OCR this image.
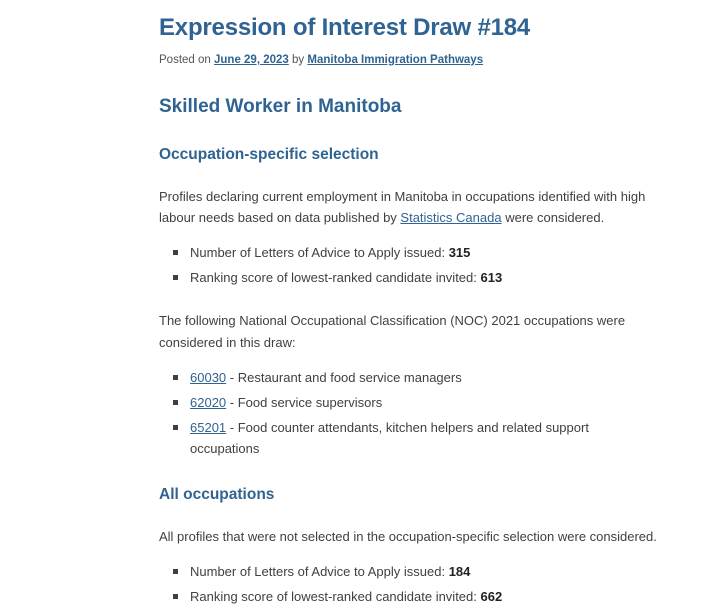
Expression of Interest Draw #184

Posted on June 29, 2023 by Manitoba Immigration Pathways

Skilled Worker in Manitoba
Occupation-specific selection

Profiles declaring current employment in Manitoba in occupations identified with high labour needs based on data published by Statistics Canada were considered.

Number of Letters of Advice to Apply issued: 315
Ranking score of lowest-ranked candidate invited: 613

The following National Occupational Classification (NOC) 2021 occupations were considered in this draw:

60030 - Restaurant and food service managers
62020 - Food service supervisors
65201 - Food counter attendants, kitchen helpers and related support occupations
All occupations

All profiles that were not selected in the occupation-specific selection were considered.

Number of Letters of Advice to Apply issued: 184
Ranking score of lowest-ranked candidate invited: 662
